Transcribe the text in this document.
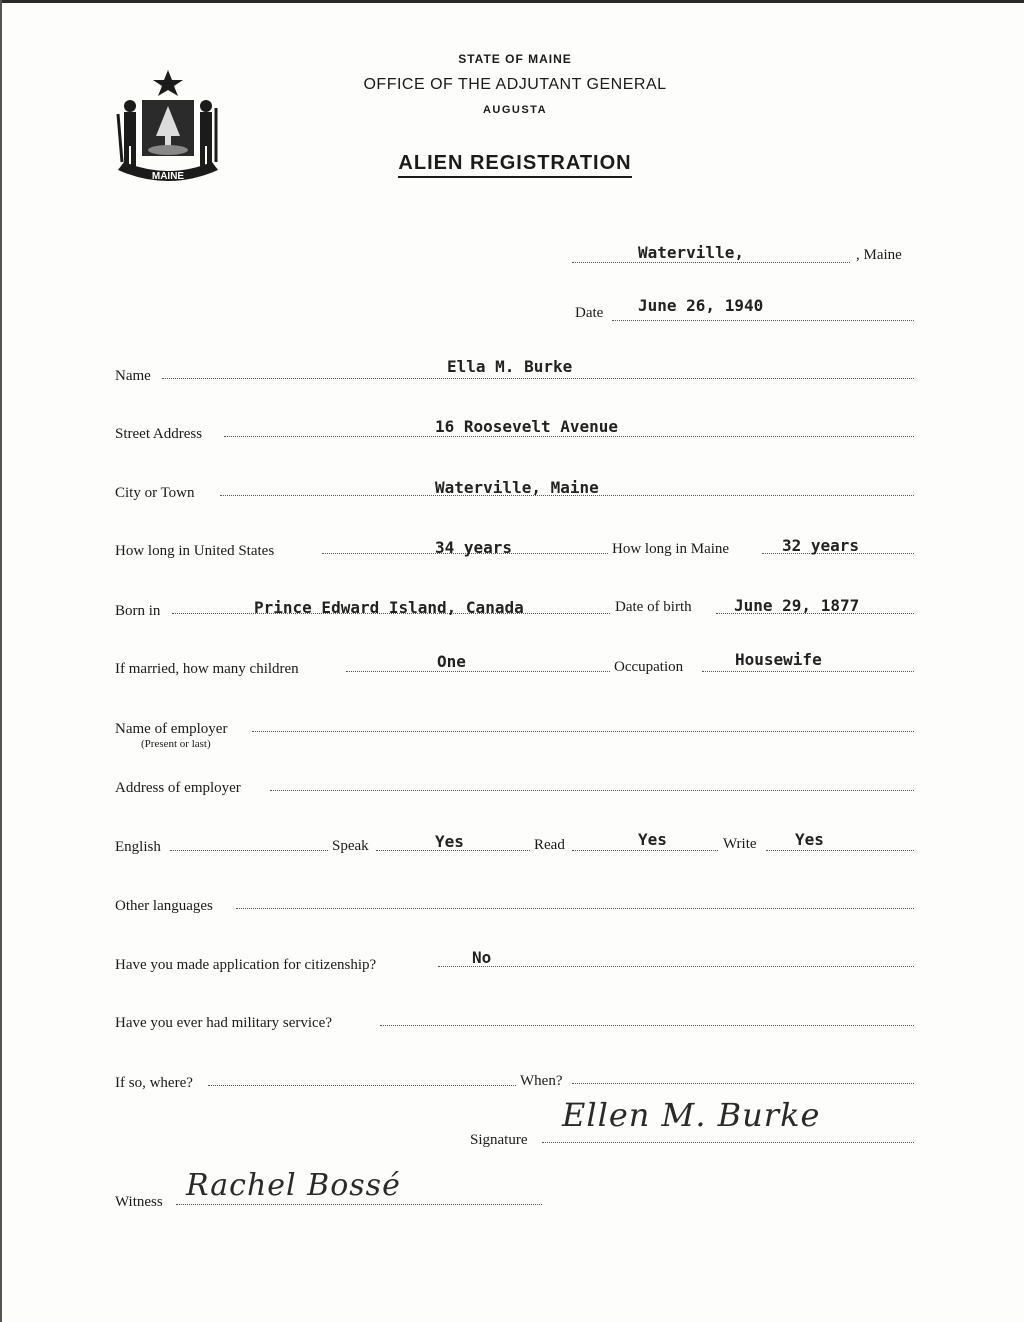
MAINE
STATE OF MAINE
OFFICE OF THE ADJUTANT GENERAL
AUGUSTA
ALIEN REGISTRATION
Waterville,	, Maine
Date June 26, 1940
Name	Ella M. Burke
Street Address	16 Roosevelt Avenue
City or Town	Waterville, Maine
How long in United States	34 years	How long in Maine	32 years
Born in	Prince Edward Island, Canada	Date of birth	June 29, 1877
If married, how many children	One	Occupation	Housewife
Name of employer
(Present or last)
Address of employer
English	Speak	Yes	Read	Yes	Write Yes
Other languages
Have you made application for citizenship?	No
Have you ever had military service?
If so, where?	When?
Signature
Ellen M. Burke
Witness Rachel Bossé
